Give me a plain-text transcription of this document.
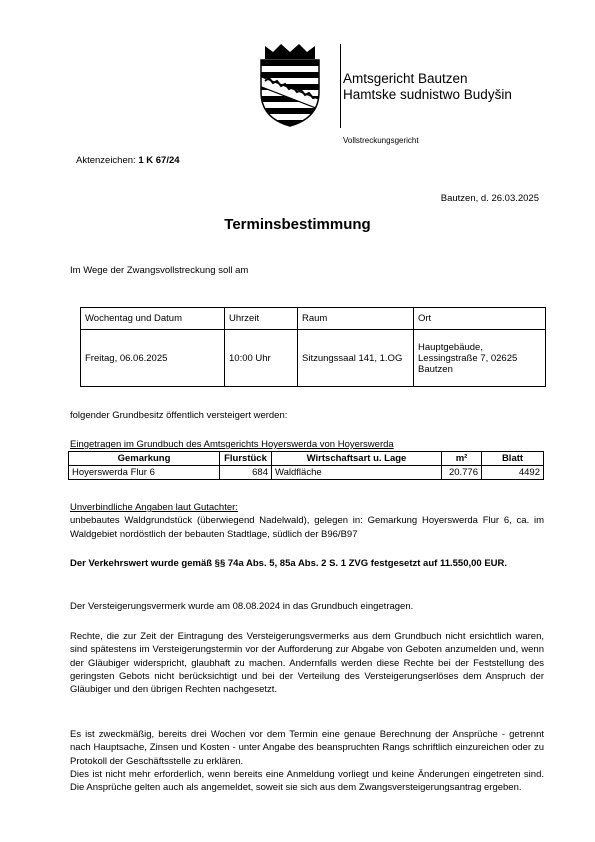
Amtsgericht Bautzen
Hamtske sudnistwo Budyšin
Vollstreckungsgericht
Aktenzeichen: 1 K 67/24
Bautzen, d. 26.03.2025
Terminsbestimmung
Im Wege der Zwangsvollstreckung soll am
Wochentag und Datum	Uhrzeit	Raum	Ort
Freitag, 06.06.2025	10:00 Uhr	Sitzungssaal 141, 1.OG	Hauptgebäude, Lessingstraße 7, 02625 Bautzen
folgender Grundbesitz öffentlich versteigert werden:
Eingetragen im Grundbuch des Amtsgerichts Hoyerswerda von Hoyerswerda
Gemarkung	Flurstück	Wirtschaftsart u. Lage	m²	Blatt
Hoyerswerda Flur 6	684	Waldfläche	20.776	4492
Unverbindliche Angaben laut Gutachter:
unbebautes Waldgrundstück (überwiegend Nadelwald), gelegen in: Gemarkung Hoyerswerda Flur 6, ca. im Waldgebiet nordöstlich der bebauten Stadtlage, südlich der B96/B97
Der Verkehrswert wurde gemäß §§ 74a Abs. 5, 85a Abs. 2 S. 1 ZVG festgesetzt auf 11.550,00 EUR.
Der Versteigerungsvermerk wurde am 08.08.2024 in das Grundbuch eingetragen.
Rechte, die zur Zeit der Eintragung des Versteigerungsvermerks aus dem Grundbuch nicht ersichtlich waren, sind spätestens im Versteigerungstermin vor der Aufforderung zur Abgabe von Geboten anzumelden und, wenn der Gläubiger widerspricht, glaubhaft zu machen. Andernfalls werden diese Rechte bei der Feststellung des geringsten Gebots nicht berücksichtigt und bei der Verteilung des Versteigerungserlöses dem Anspruch der Gläubiger und den übrigen Rechten nachgesetzt.
Es ist zweckmäßig, bereits drei Wochen vor dem Termin eine genaue Berechnung der Ansprüche - getrennt nach Hauptsache, Zinsen und Kosten - unter Angabe des beanspruchten Rangs schriftlich einzureichen oder zu Protokoll der Geschäftsstelle zu erklären.
Dies ist nicht mehr erforderlich, wenn bereits eine Anmeldung vorliegt und keine Änderungen eingetreten sind. Die Ansprüche gelten auch als angemeldet, soweit sie sich aus dem Zwangsversteigerungsantrag ergeben.
